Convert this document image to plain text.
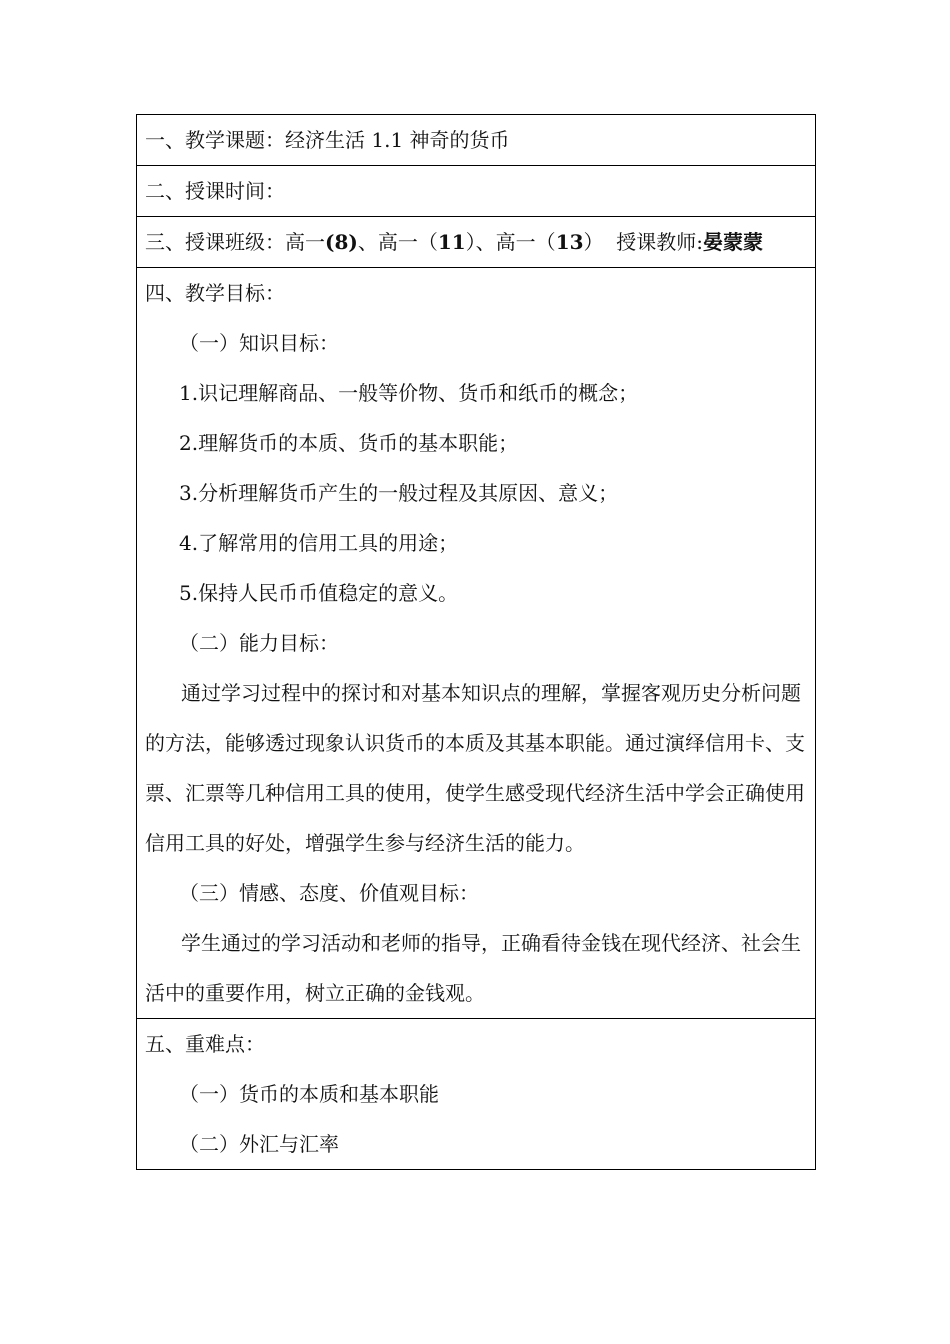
一、教学课题：经济生活 1.1 神奇的货币
二、授课时间：
三、授课班级：高一(8)、高一（11）、高一（13）  授课教师:晏蒙蒙
四、教学目标：
（一）知识目标：
1.识记理解商品、一般等价物、货币和纸币的概念；
2.理解货币的本质、货币的基本职能；
3.分析理解货币产生的一般过程及其原因、意义；
4.了解常用的信用工具的用途；
5.保持人民币币值稳定的意义。
（二）能力目标：

通过学习过程中的探讨和对基本知识点的理解，掌握客观历史分析问题的方法，能够透过现象认识货币的本质及其基本职能。通过演绎信用卡、支票、汇票等几种信用工具的使用，使学生感受现代经济生活中学会正确使用信用工具的好处，增强学生参与经济生活的能力。

（三）情感、态度、价值观目标：

学生通过的学习活动和老师的指导，正确看待金钱在现代经济、社会生活中的重要作用，树立正确的金钱观。

五、重难点：
（一）货币的本质和基本职能
（二）外汇与汇率
